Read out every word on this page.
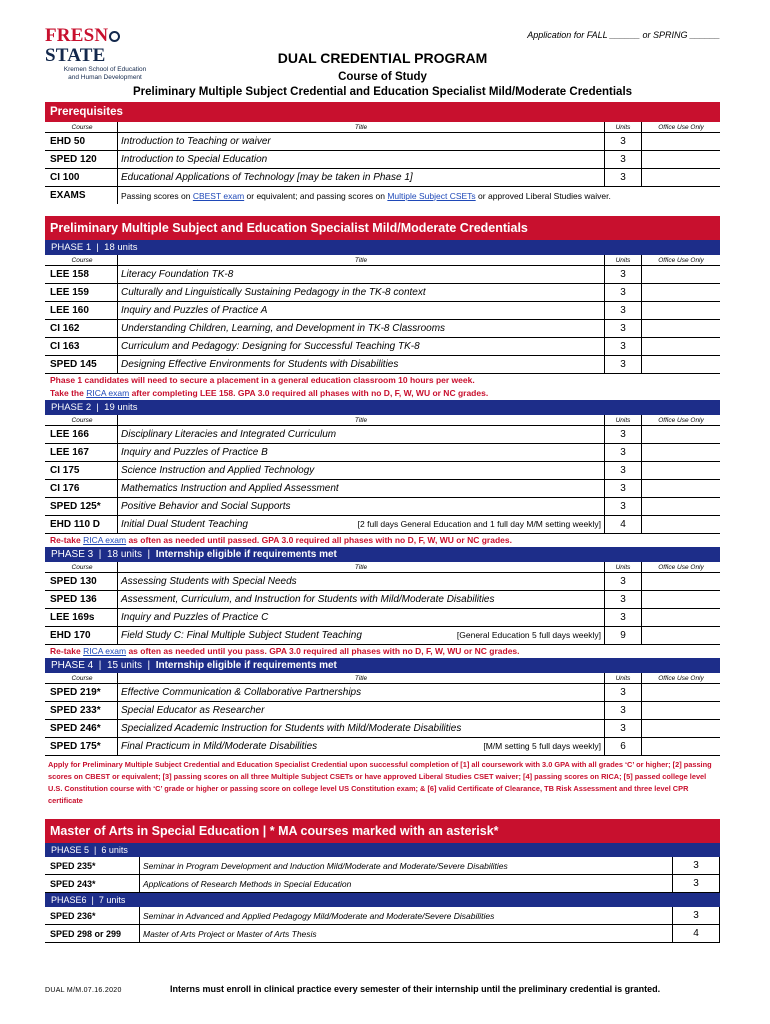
FRESNSTATE
Kremen School of Education
and Human Development
Application for FALL ______ or SPRING ______
DUAL CREDENTIAL PROGRAM
Course of Study
Preliminary Multiple Subject Credential and Education Specialist Mild/Moderate Credentials
Prerequisites
Course	Title	Units	Office Use Only
EHD 50	Introduction to Teaching or waiver	3	
SPED 120	Introduction to Special Education	3	
CI 100	Educational Applications of Technology [may be taken in Phase 1]	3	
EXAMS	Passing scores on CBEST exam or equivalent; and passing scores on Multiple Subject CSETs or approved Liberal Studies waiver.		
Preliminary Multiple Subject and Education Specialist Mild/Moderate Credentials
PHASE 1  |  18 units
Course	Title	Units	Office Use Only
LEE 158	Literacy Foundation TK-8	3	
LEE 159	Culturally and Linguistically Sustaining Pedagogy in the TK-8 context	3	
LEE 160	Inquiry and Puzzles of Practice A	3	
CI 162	Understanding Children, Learning, and Development in TK-8 Classrooms	3	
CI 163	Curriculum and Pedagogy: Designing for Successful Teaching TK-8	3	
SPED 145	Designing Effective Environments for Students with Disabilities	3	
Phase 1 candidates will need to secure a placement in a general education classroom 10 hours per week.
Take the RICA exam after completing LEE 158. GPA 3.0 required all phases with no D, F, W, WU or NC grades.
PHASE 2  |  19 units
Course	Title	Units	Office Use Only
LEE 166	Disciplinary Literacies and Integrated Curriculum	3	
LEE 167	Inquiry and Puzzles of Practice B	3	
CI 175	Science Instruction and Applied Technology	3	
CI 176	Mathematics Instruction and Applied Assessment	3	
SPED 125*	Positive Behavior and Social Supports	3	
EHD 110 D	Initial Dual Student Teaching [2 full days General Education and 1 full day M/M setting weekly]	4	
Re-take RICA exam as often as needed until passed. GPA 3.0 required all phases with no D, F, W, WU or NC grades.
PHASE 3  |  18 units  |  Internship eligible if requirements met
Course	Title	Units	Office Use Only
SPED 130	Assessing Students with Special Needs	3	
SPED 136	Assessment, Curriculum, and Instruction for Students with Mild/Moderate Disabilities	3	
LEE 169s	Inquiry and Puzzles of Practice C	3	
EHD 170	Field Study C: Final Multiple Subject Student Teaching [General Education 5 full days weekly]	9	
Re-take RICA exam as often as needed until you pass. GPA 3.0 required all phases with no D, F, W, WU or NC grades.
PHASE 4  |  15 units  |  Internship eligible if requirements met
Course	Title	Units	Office Use Only
SPED 219*	Effective Communication & Collaborative Partnerships	3	
SPED 233*	Special Educator as Researcher	3	
SPED 246*	Specialized Academic Instruction for Students with Mild/Moderate Disabilities	3	
SPED 175*	Final Practicum in Mild/Moderate Disabilities [M/M setting 5 full days weekly]	6	
Apply for Preliminary Multiple Subject Credential and Education Specialist Credential upon successful completion of [1] all coursework with 3.0 GPA with all grades ‘C’ or higher; [2] passing scores on CBEST or equivalent; [3] passing scores on all three Multiple Subject CSETs or have approved Liberal Studies CSET waiver; [4] passing scores on RICA; [5] passed college level U.S. Constitution course with ‘C’ grade or higher or passing score on college level US Constitution exam; & [6] valid Certificate of Clearance, TB Risk Assessment and three level CPR certificate
Master of Arts in Special Education | * MA courses marked with an asterisk*
PHASE 5  |  6 units
SPED 235*	Seminar in Program Development and Induction Mild/Moderate and Moderate/Severe Disabilities	3
SPED 243*	Applications of Research Methods in Special Education	3
PHASE6  |  7 units
SPED 236*	Seminar in Advanced and Applied Pedagogy Mild/Moderate and Moderate/Severe Disabilities	3
SPED 298 or 299	Master of Arts Project or Master of Arts Thesis	4
DUAL M/M.07.16.2020	Interns must enroll in clinical practice every semester of their internship until the preliminary credential is granted.
